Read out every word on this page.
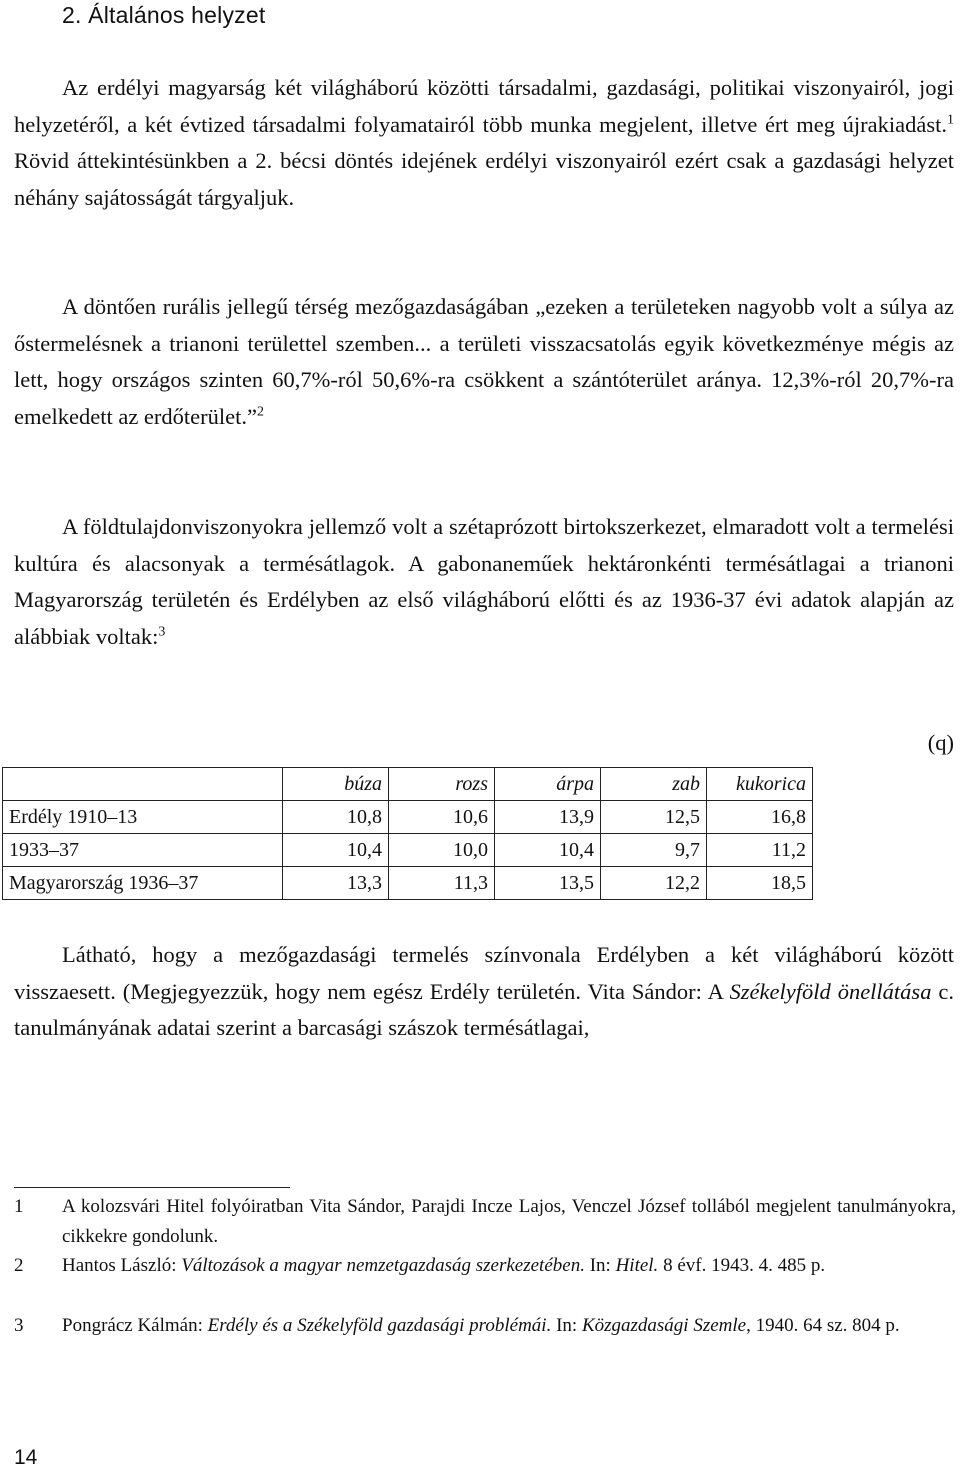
2. Általános helyzet

Az erdélyi magyarság két világháború közötti társadalmi, gazdasági, politikai viszonyairól, jogi helyzetéről, a két évtized társadalmi folyamatairól több munka megjelent, illetve ért meg újrakiadást.$^1$ Rövid áttekintésünkben a 2. bécsi döntés idejének erdélyi viszonyairól ezért csak a gazdasági helyzet néhány sajátosságát tárgyaljuk.

A döntően rurális jellegű térség mezőgazdaságában „ezeken a területeken nagyobb volt a súlya az őstermelésnek a trianoni területtel szemben... a területi visszacsatolás egyik következménye mégis az lett, hogy országos szinten 60,7%-ról 50,6%-ra csökkent a szántóterület aránya. 12,3%-ról 20,7%-ra emelkedett az erdőterület.”$^2$

A földtulajdonviszonyokra jellemző volt a szétaprózott birtokszerkezet, elmaradott volt a termelési kultúra és alacsonyak a termésátlagok. A gabonaneműek hektáronkénti termésátlagai a trianoni Magyarország területén és Erdélyben az első világháború előtti és az 1936-37 évi adatok alapján az alábbiak voltak:$^3$

(q)
	búza	rozs	árpa	zab	kukorica
Erdély 1910–13	10,8	10,6	13,9	12,5	16,8
1933–37	10,4	10,0	10,4	9,7	11,2
Magyarország 1936–37	13,3	11,3	13,5	12,2	18,5

Látható, hogy a mezőgazdasági termelés színvonala Erdélyben a két világháború között visszaesett. (Megjegyezzük, hogy nem egész Erdély területén. Vita Sándor: A Székelyföld önellátása c. tanulmányának adatai szerint a barcasági szászok termésátlagai,

1 A kolozsvári Hitel folyóiratban Vita Sándor, Parajdi Incze Lajos, Venczel József tollából megjelent tanulmányokra, cikkekre gondolunk.
2 Hantos László: Változások a magyar nemzetgazdaság szerkezetében. In: Hitel. 8 évf. 1943. 4. 485 p.
3 Pongrácz Kálmán: Erdély és a Székelyföld gazdasági problémái. In: Közgazdasági Szemle, 1940. 64 sz. 804 p.
14
